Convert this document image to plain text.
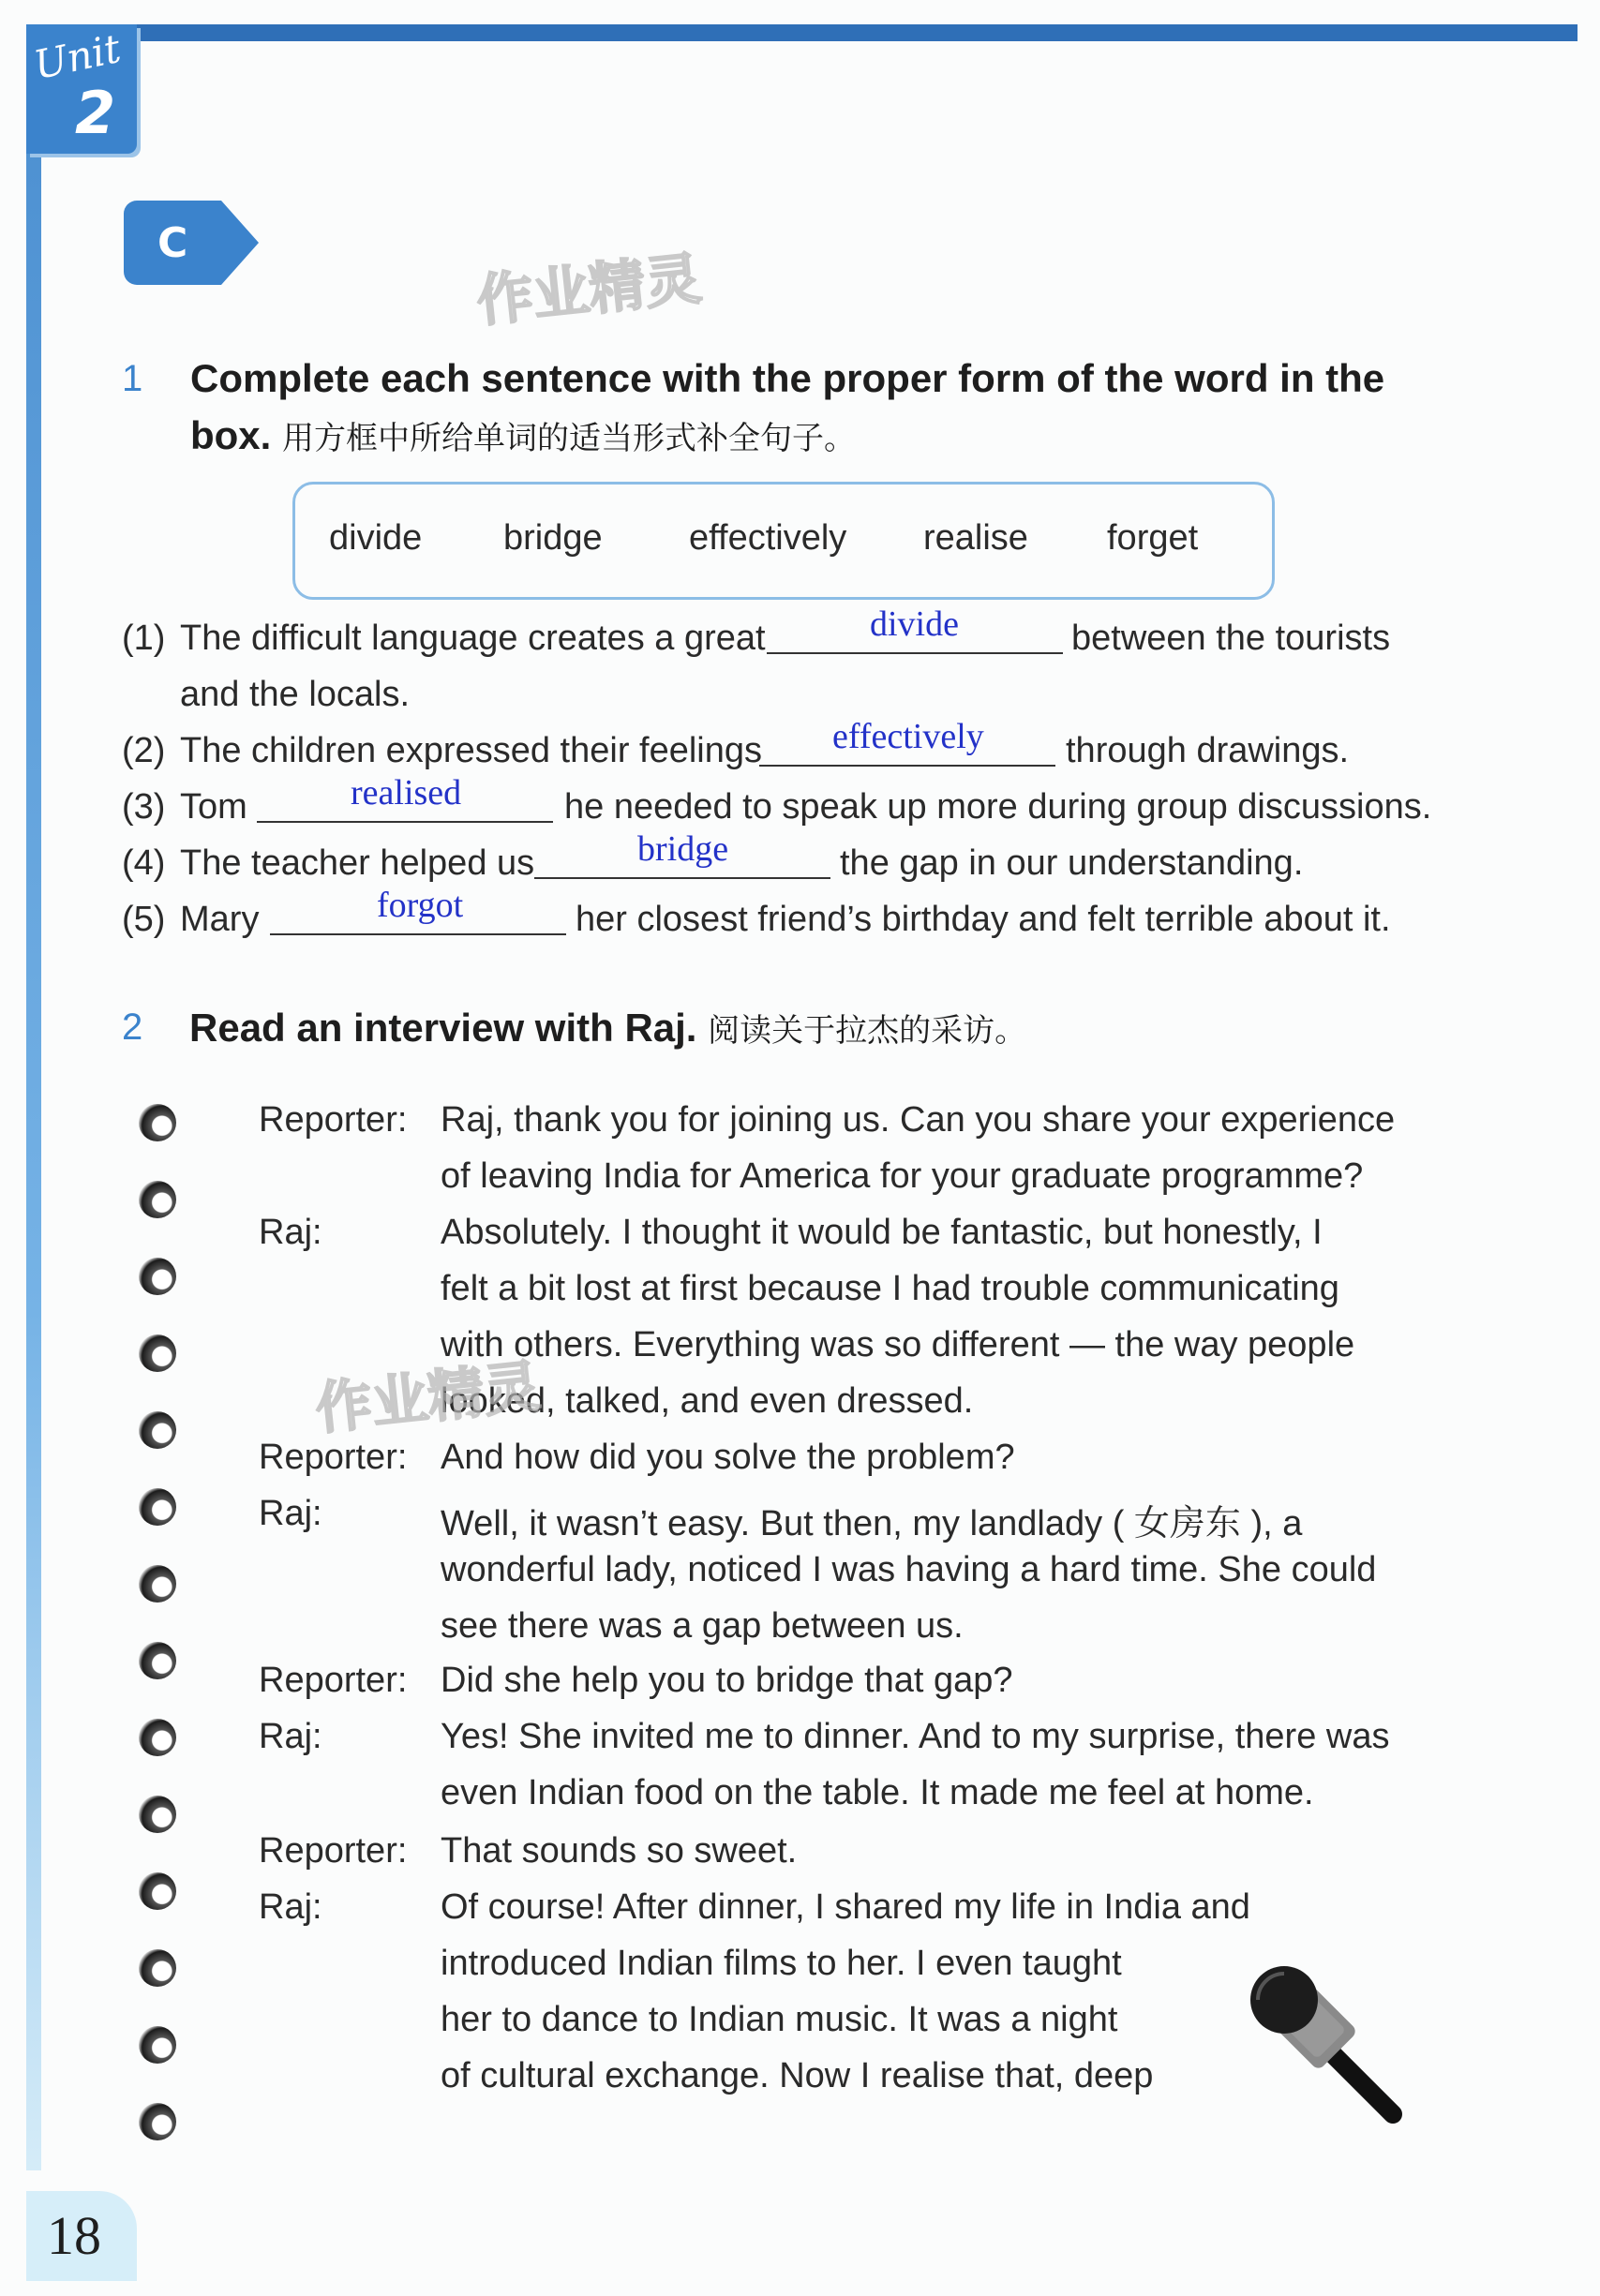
Unit
2
C
作业精灵
1 Complete each sentence with the proper form of the word in the
box. 用方框中所给单词的适当形式补全句子。
divide bridge effectively realise forget
(1) The difficult language creates a great	divide	between the tourists
and the locals.
(2) The children expressed their feelings effectively through drawings.
(3) Tom	realised	he needed to speak up more during group discussions.
(4) The teacher helped us	bridge	the gap in our understanding.
(5) Mary	forgot	her closest friend’s birthday and felt terrible about it.
2 Read an interview with Raj. 阅读关于拉杰的采访。
Reporter: Raj, thank you for joining us. Can you share your experience
of leaving India for America for your graduate programme?
Raj:	Absolutely. I thought it would be fantastic, but honestly, I
felt a bit lost at first because I had trouble communicating
with others. Everything was so different — the way people
looked, talked, and even dressed.
作业精灵
Reporter: And how did you solve the problem?
Raj:	Well, it wasn’t easy. But then, my landlady ( 女房东 ), a
wonderful lady, noticed I was having a hard time. She could
see there was a gap between us.
Reporter: Did she help you to bridge that gap?
Raj:	Yes! She invited me to dinner. And to my surprise, there was
even Indian food on the table. It made me feel at home.
Reporter: That sounds so sweet.
Raj:	Of course! After dinner, I shared my life in India and
introduced Indian films to her. I even taught
her to dance to Indian music. It was a night
of cultural exchange. Now I realise that, deep
18
